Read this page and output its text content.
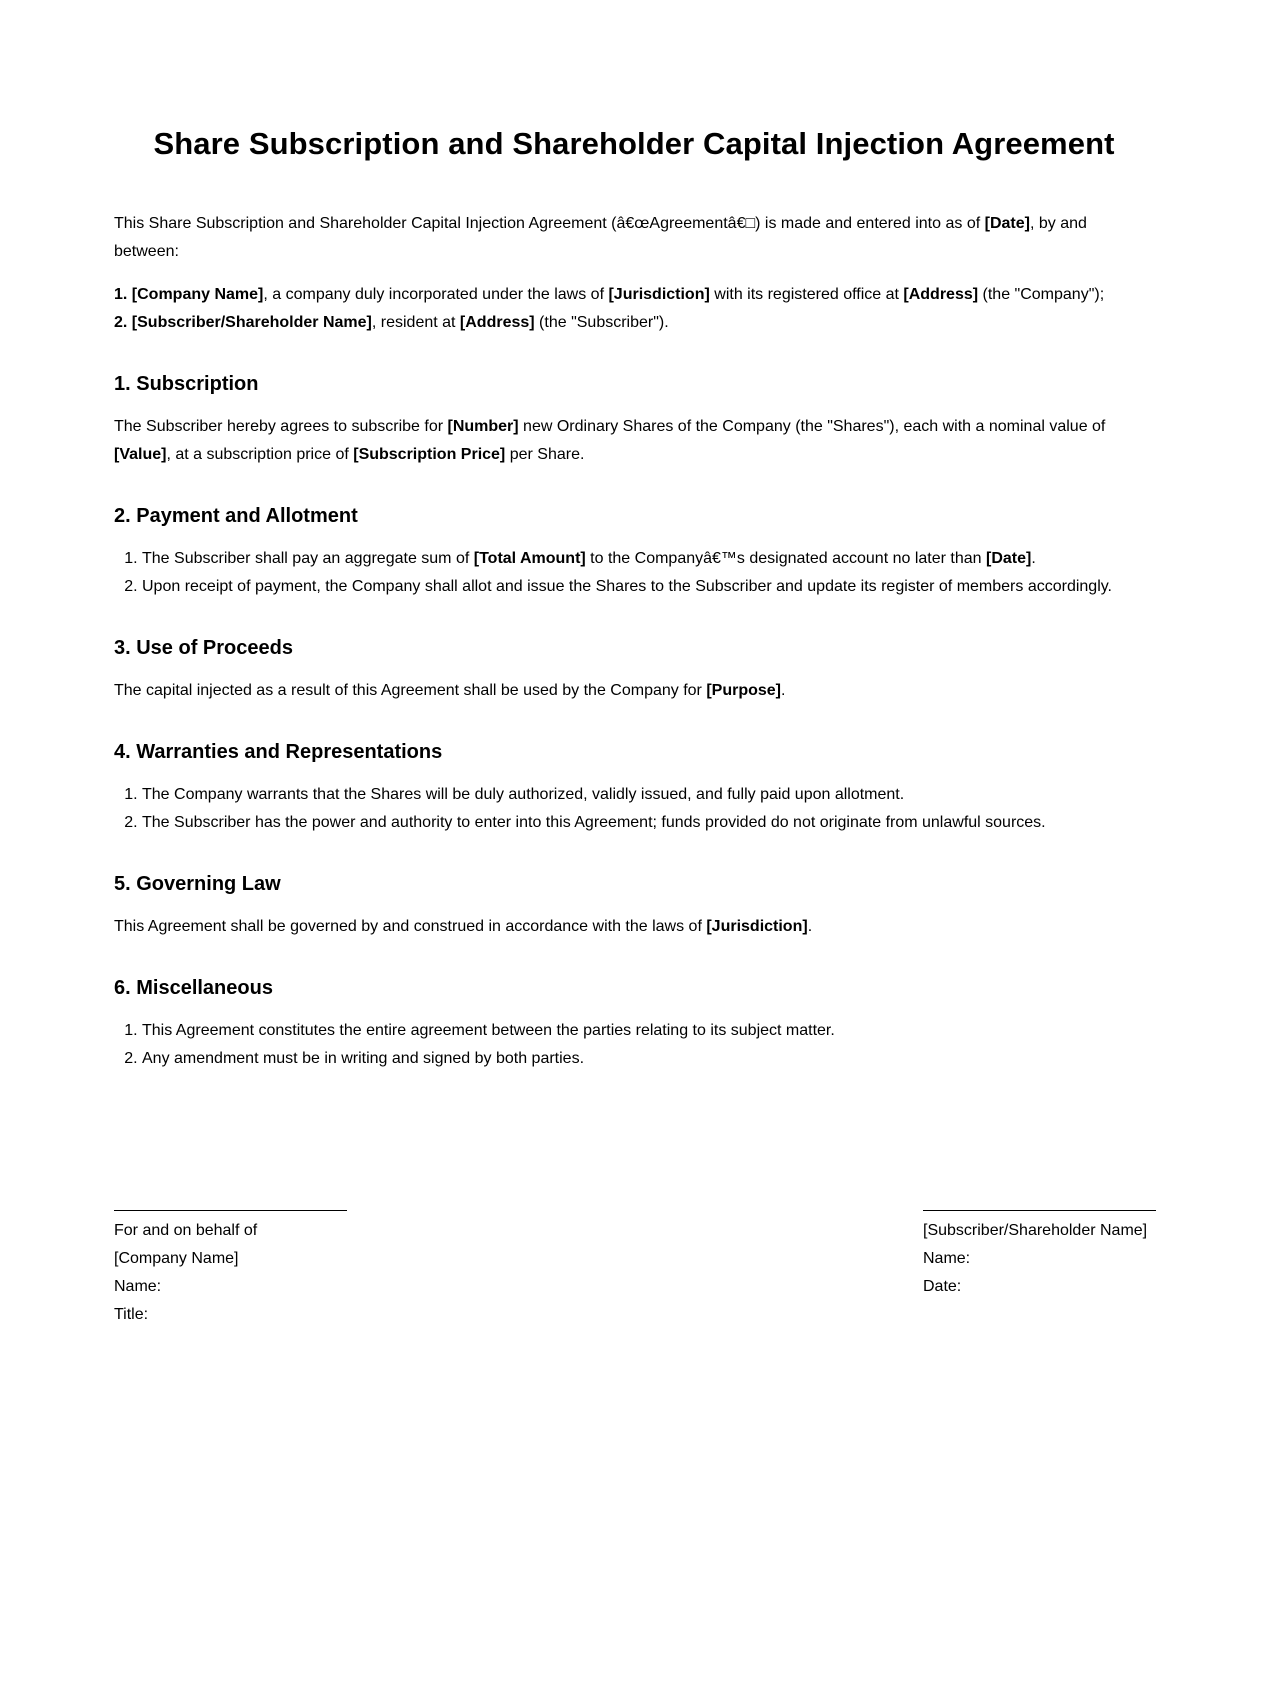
Share Subscription and Shareholder Capital Injection Agreement

This Share Subscription and Shareholder Capital Injection Agreement (â€œAgreementâ€□) is made and entered into as of [Date], by and between:

1. [Company Name], a company duly incorporated under the laws of [Jurisdiction] with its registered office at [Address] (the "Company");
2. [Subscriber/Shareholder Name], resident at [Address] (the "Subscriber").
1. Subscription

The Subscriber hereby agrees to subscribe for [Number] new Ordinary Shares of the Company (the "Shares"), each with a nominal value of [Value], at a subscription price of [Subscription Price] per Share.

2. Payment and Allotment
1. The Subscriber shall pay an aggregate sum of [Total Amount] to the Companyâ€™s designated account no later than [Date].
2. Upon receipt of payment, the Company shall allot and issue the Shares to the Subscriber and update its register of members accordingly.
3. Use of Proceeds

The capital injected as a result of this Agreement shall be used by the Company for [Purpose].

4. Warranties and Representations
1. The Company warrants that the Shares will be duly authorized, validly issued, and fully paid upon allotment.
2. The Subscriber has the power and authority to enter into this Agreement; funds provided do not originate from unlawful sources.
5. Governing Law

This Agreement shall be governed by and construed in accordance with the laws of [Jurisdiction].

6. Miscellaneous
1. This Agreement constitutes the entire agreement between the parties relating to its subject matter.
2. Any amendment must be in writing and signed by both parties.
For and on behalf of
[Company Name]
Name:
Title:
[Subscriber/Shareholder Name]
Name:
Date:
